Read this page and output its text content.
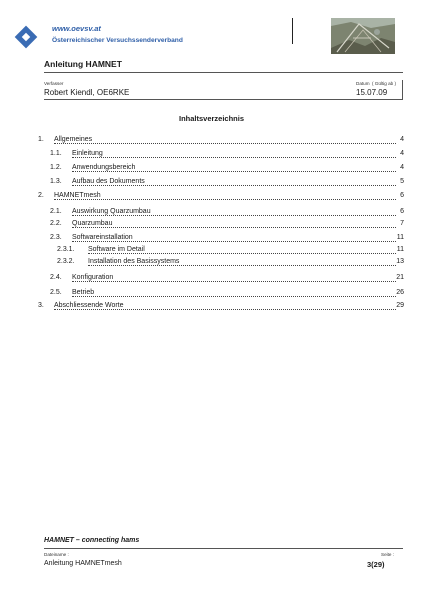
www.oevsv.at
Österreichischer Versuchssenderverband
Anleitung HAMNET
Verfasser	Datum ( Gültig ab )
Robert Kiendl, OE6RKE	15.07.09
Inhaltsverzeichnis
1. Allgemeines	4
1.1. Einleitung	4
1.2. Anwendungsbereich	4
1.3. Aufbau des Dokuments	5
2. HAMNETmesh	6
2.1. Auswirkung Quarzumbau	6
2.2. Quarzumbau	7
2.3. Softwareinstallation	11
2.3.1. Software im Detail	11
2.3.2. Installation des Basissystems	13
2.4. Konfiguration	21
2.5. Betrieb	26
3. Abschliessende Worte	29
HAMNET – connecting hams
Dateiname :	Seite :
Anleitung HAMNETmesh	3(29)
